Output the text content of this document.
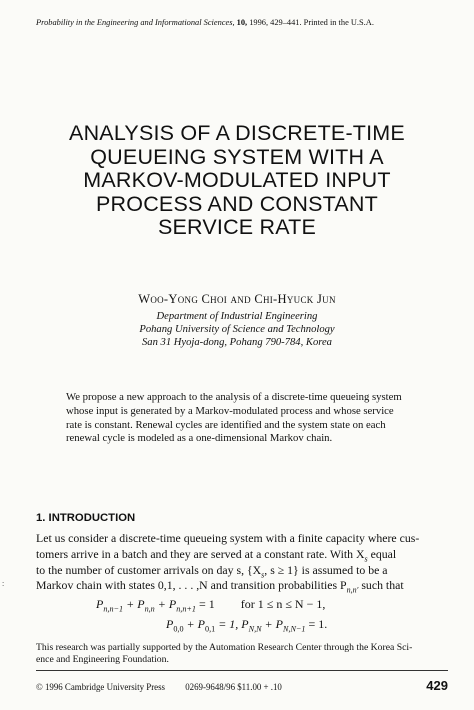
Probability in the Engineering and Informational Sciences, 10, 1996, 429–441. Printed in the U.S.A.
ANALYSIS OF A DISCRETE-TIME
QUEUEING SYSTEM WITH A
MARKOV-MODULATED INPUT
PROCESS AND CONSTANT
SERVICE RATE
Woo-Yong Choi and Chi-Hyuck Jun
Department of Industrial Engineering
Pohang University of Science and Technology
San 31 Hyoja-dong, Pohang 790-784, Korea
We propose a new approach to the analysis of a discrete-time queueing system
whose input is generated by a Markov-modulated process and whose service
rate is constant. Renewal cycles are identified and the system state on each
renewal cycle is modeled as a one-dimensional Markov chain.
1. INTRODUCTION
Let us consider a discrete-time queueing system with a finite capacity where cus-
tomers arrive in a batch and they are served at a constant rate. With $X_s$ equal
to the number of customer arrivals on day s, {$X_s$, s ≥ 1} is assumed to be a
Markov chain with states 0,1, . . . ,N and transition probabilities $P_{n,n'}$ such that
$P_{n,n-1} + P_{n,n} + P_{n,n+1} = 1$ for 1 ≤ n ≤ N − 1,
$P_{0,0} + P_{0,1} = 1$, $P_{N,N} + P_{N,N-1} = 1$.
This research was partially supported by the Automation Research Center through the Korea Sci-
ence and Engineering Foundation.
© 1996 Cambridge University Press 0269-9648/96 $11.00 + .10	429
:
